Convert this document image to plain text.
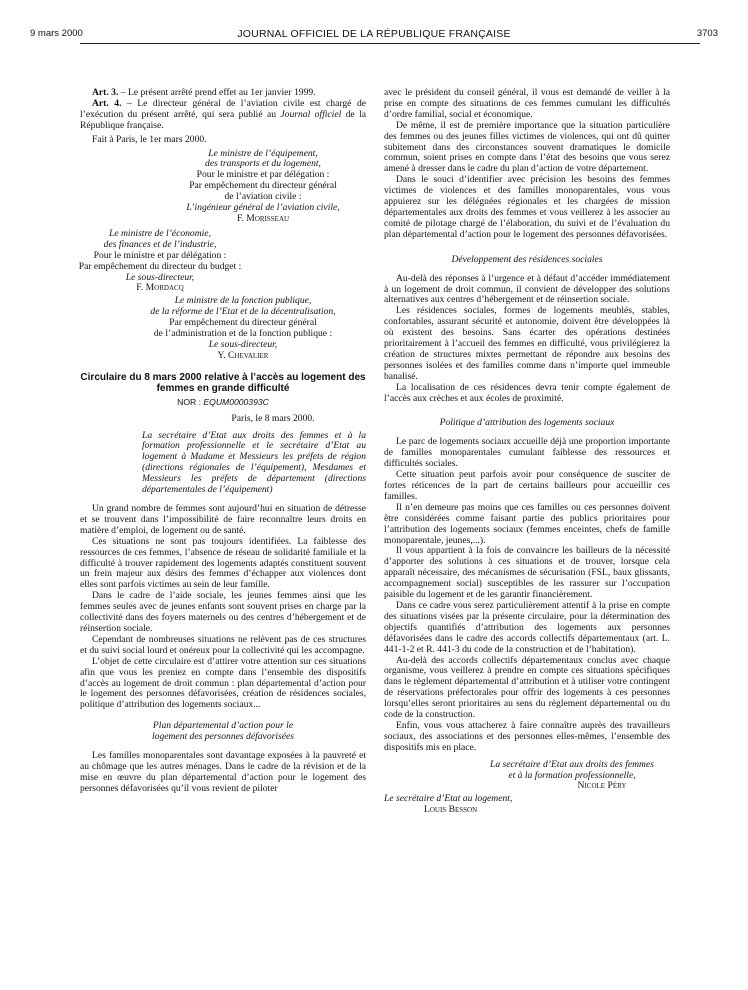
9 mars 2000	JOURNAL OFFICIEL DE LA RÉPUBLIQUE FRANÇAISE	3703

Art. 3. – Le présent arrêté prend effet au 1er janvier 1999.

Art. 4. – Le directeur général de l’aviation civile est chargé de l’exécution du présent arrêté, qui sera publié au Journal officiel de la République française.

Fait à Paris, le 1er mars 2000.

Le ministre de l’équipement,
des transports et du logement,
Pour le ministre et par délégation :
Par empêchement du directeur général
de l’aviation civile :
L’ingénieur général de l’aviation civile,
F. Morisseau
Le ministre de l’économie,
des finances et de l’industrie,
Pour le ministre et par délégation :
Par empêchement du directeur du budget :
Le sous-directeur,
F. Mordacq
Le ministre de la fonction publique,
de la réforme de l’Etat et de la décentralisation,
Par empêchement du directeur général
de l’administration et de la fonction publique :
Le sous-directeur,
Y. Chevalier
Circulaire du 8 mars 2000 relative à l’accès au logement des femmes en grande difficulté
NOR : EQUM0000393C

Paris, le 8 mars 2000.

La secrétaire d’Etat aux droits des femmes et à la formation professionnelle et le secrétaire d’Etat au logement à Madame et Messieurs les préfets de région (directions régionales de l’équipement), Mesdames et Messieurs les préfets de département (directions départementales de l’équipement)

Un grand nombre de femmes sont aujourd’hui en situation de détresse et se trouvent dans l’impossibilité de faire reconnaître leurs droits en matière d’emploi, de logement ou de santé.

Ces situations ne sont pas toujours identifiées. La faiblesse des ressources de ces femmes, l’absence de réseau de solidarité familiale et la difficulté à trouver rapidement des logements adaptés constituent souvent un frein majeur aux désirs des femmes d’échapper aux violences dont elles sont parfois victimes au sein de leur famille.

Dans le cadre de l’aide sociale, les jeunes femmes ainsi que les femmes seules avec de jeunes enfants sont souvent prises en charge par la collectivité dans des foyers maternels ou des centres d’hébergement et de réinsertion sociale.

Cependant de nombreuses situations ne relèvent pas de ces structures et du suivi social lourd et onéreux pour la collectivité qui les accompagne.

L’objet de cette circulaire est d’attirer votre attention sur ces situations afin que vous les preniez en compte dans l’ensemble des dispositifs d’accès au logement de droit commun : plan départemental d’action pour le logement des personnes défavorisées, création de résidences sociales, politique d’attribution des logements sociaux...

Plan départemental d’action pour le logement des personnes défavorisées

Les familles monoparentales sont davantage exposées à la pauvreté et au chômage que les autres ménages. Dans le cadre de la révision et de la mise en œuvre du plan départemental d’action pour le logement des personnes défavorisées qu’il vous revient de piloter

avec le président du conseil général, il vous est demandé de veiller à la prise en compte des situations de ces femmes cumulant les difficultés d’ordre familial, social et économique.

De même, il est de première importance que la situation particulière des femmes ou des jeunes filles victimes de violences, qui ont dû quitter subitement dans des circonstances souvent dramatiques le domicile commun, soient prises en compte dans l’état des besoins que vous serez amené à dresser dans le cadre du plan d’action de votre département.

Dans le souci d’identifier avec précision les besoins des femmes victimes de violences et des familles monoparentales, vous vous appuierez sur les déléguées régionales et les chargées de mission départementales aux droits des femmes et vous veillerez à les associer au comité de pilotage chargé de l’élaboration, du suivi et de l’évaluation du plan départemental d’action pour le logement des personnes défavorisées.

Développement des résidences sociales

Au-delà des réponses à l’urgence et à défaut d’accéder immédiatement à un logement de droit commun, il convient de développer des solutions alternatives aux centres d’hébergement et de réinsertion sociale.

Les résidences sociales, formes de logements meublés, stables, confortables, assurant sécurité et autonomie, doivent être développées là où existent des besoins. Sans écarter des opérations destinées prioritairement à l’accueil des femmes en difficulté, vous privilégierez la création de structures mixtes permettant de répondre aux besoins des personnes isolées et des familles comme dans n’importe quel immeuble banalisé.

La localisation de ces résidences devra tenir compte également de l’accès aux crèches et aux écoles de proximité.

Politique d’attribution des logements sociaux

Le parc de logements sociaux accueille déjà une proportion importante de familles monoparentales cumulant faiblesse des ressources et difficultés sociales.

Cette situation peut parfois avoir pour conséquence de susciter de fortes réticences de la part de certains bailleurs pour accueillir ces familles.

Il n’en demeure pas moins que ces familles ou ces personnes doivent être considérées comme faisant partie des publics prioritaires pour l’attribution des logements sociaux (femmes enceintes, chefs de famille monoparentale, jeunes,...).

Il vous appartient à la fois de convaincre les bailleurs de la nécessité d’apporter des solutions à ces situations et de trouver, lorsque cela apparaît nécessaire, des mécanismes de sécurisation (FSL, baux glissants, accompagnement social) susceptibles de les rassurer sur l’occupation paisible du logement et de les garantir financièrement.

Dans ce cadre vous serez particulièrement attentif à la prise en compte des situations visées par la présente circulaire, pour la détermination des objectifs quantifiés d’attribution des logements aux personnes défavorisées dans le cadre des accords collectifs départementaux (art. L. 441-1-2 et R. 441-3 du code de la construction et de l’habitation).

Au-delà des accords collectifs départementaux conclus avec chaque organisme, vous veillerez à prendre en compte ces situations spécifiques dans le règlement départemental d’attribution et à utiliser votre contingent de réservations préfectorales pour offrir des logements à ces personnes lorsqu’elles seront prioritaires au sens du règlement départemental ou du code de la construction.

Enfin, vous vous attacherez à faire connaître auprès des travailleurs sociaux, des associations et des personnes elles-mêmes, l’ensemble des dispositifs mis en place.

La secrétaire d’Etat aux droits des femmes
et à la formation professionnelle,
Nicole Péry
Le secrétaire d’Etat au logement,
Louis Besson
